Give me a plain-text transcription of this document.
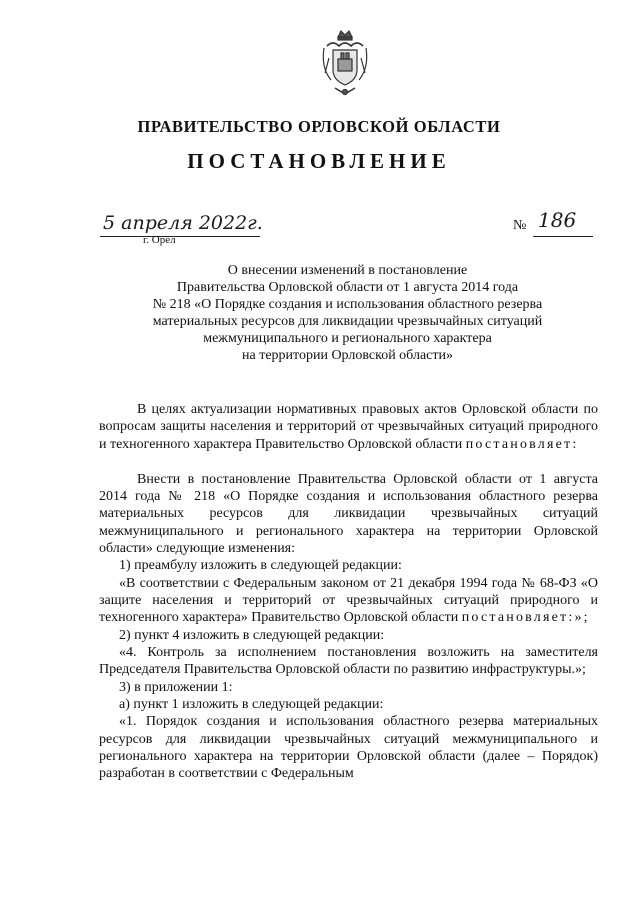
ПРАВИТЕЛЬСТВО ОРЛОВСКОЙ ОБЛАСТИ
ПОСТАНОВЛЕНИЕ
5 апреля 2022г.
г. Орёл
№ 186
О внесении изменений в постановление
Правительства Орловской области от 1 августа 2014 года
№ 218 «О Порядке создания и использования областного резерва
материальных ресурсов для ликвидации чрезвычайных ситуаций
межмуниципального и регионального характера
на территории Орловской области»

В целях актуализации нормативных правовых актов Орловской области по вопросам защиты населения и территорий от чрезвычайных ситуаций природного и техногенного характера Правительство Орловской области постановляет:

Внести в постановление Правительства Орловской области от 1 августа 2014 года № 218 «О Порядке создания и использования областного резерва материальных ресурсов для ликвидации чрезвычайных ситуаций межмуниципального и регионального характера на территории Орловской области» следующие изменения:

1) преамбулу изложить в следующей редакции:

«В соответствии с Федеральным законом от 21 декабря 1994 года № 68-ФЗ «О защите населения и территорий от чрезвычайных ситуаций природного и техногенного характера» Правительство Орловской области постановляет:»;

2) пункт 4 изложить в следующей редакции:

«4. Контроль за исполнением постановления возложить на заместителя Председателя Правительства Орловской области по развитию инфраструктуры.»;

3) в приложении 1:

а) пункт 1 изложить в следующей редакции:

«1. Порядок создания и использования областного резерва материальных ресурсов для ликвидации чрезвычайных ситуаций межмуниципального и регионального характера на территории Орловской области (далее – Порядок) разработан в соответствии с Федеральным
